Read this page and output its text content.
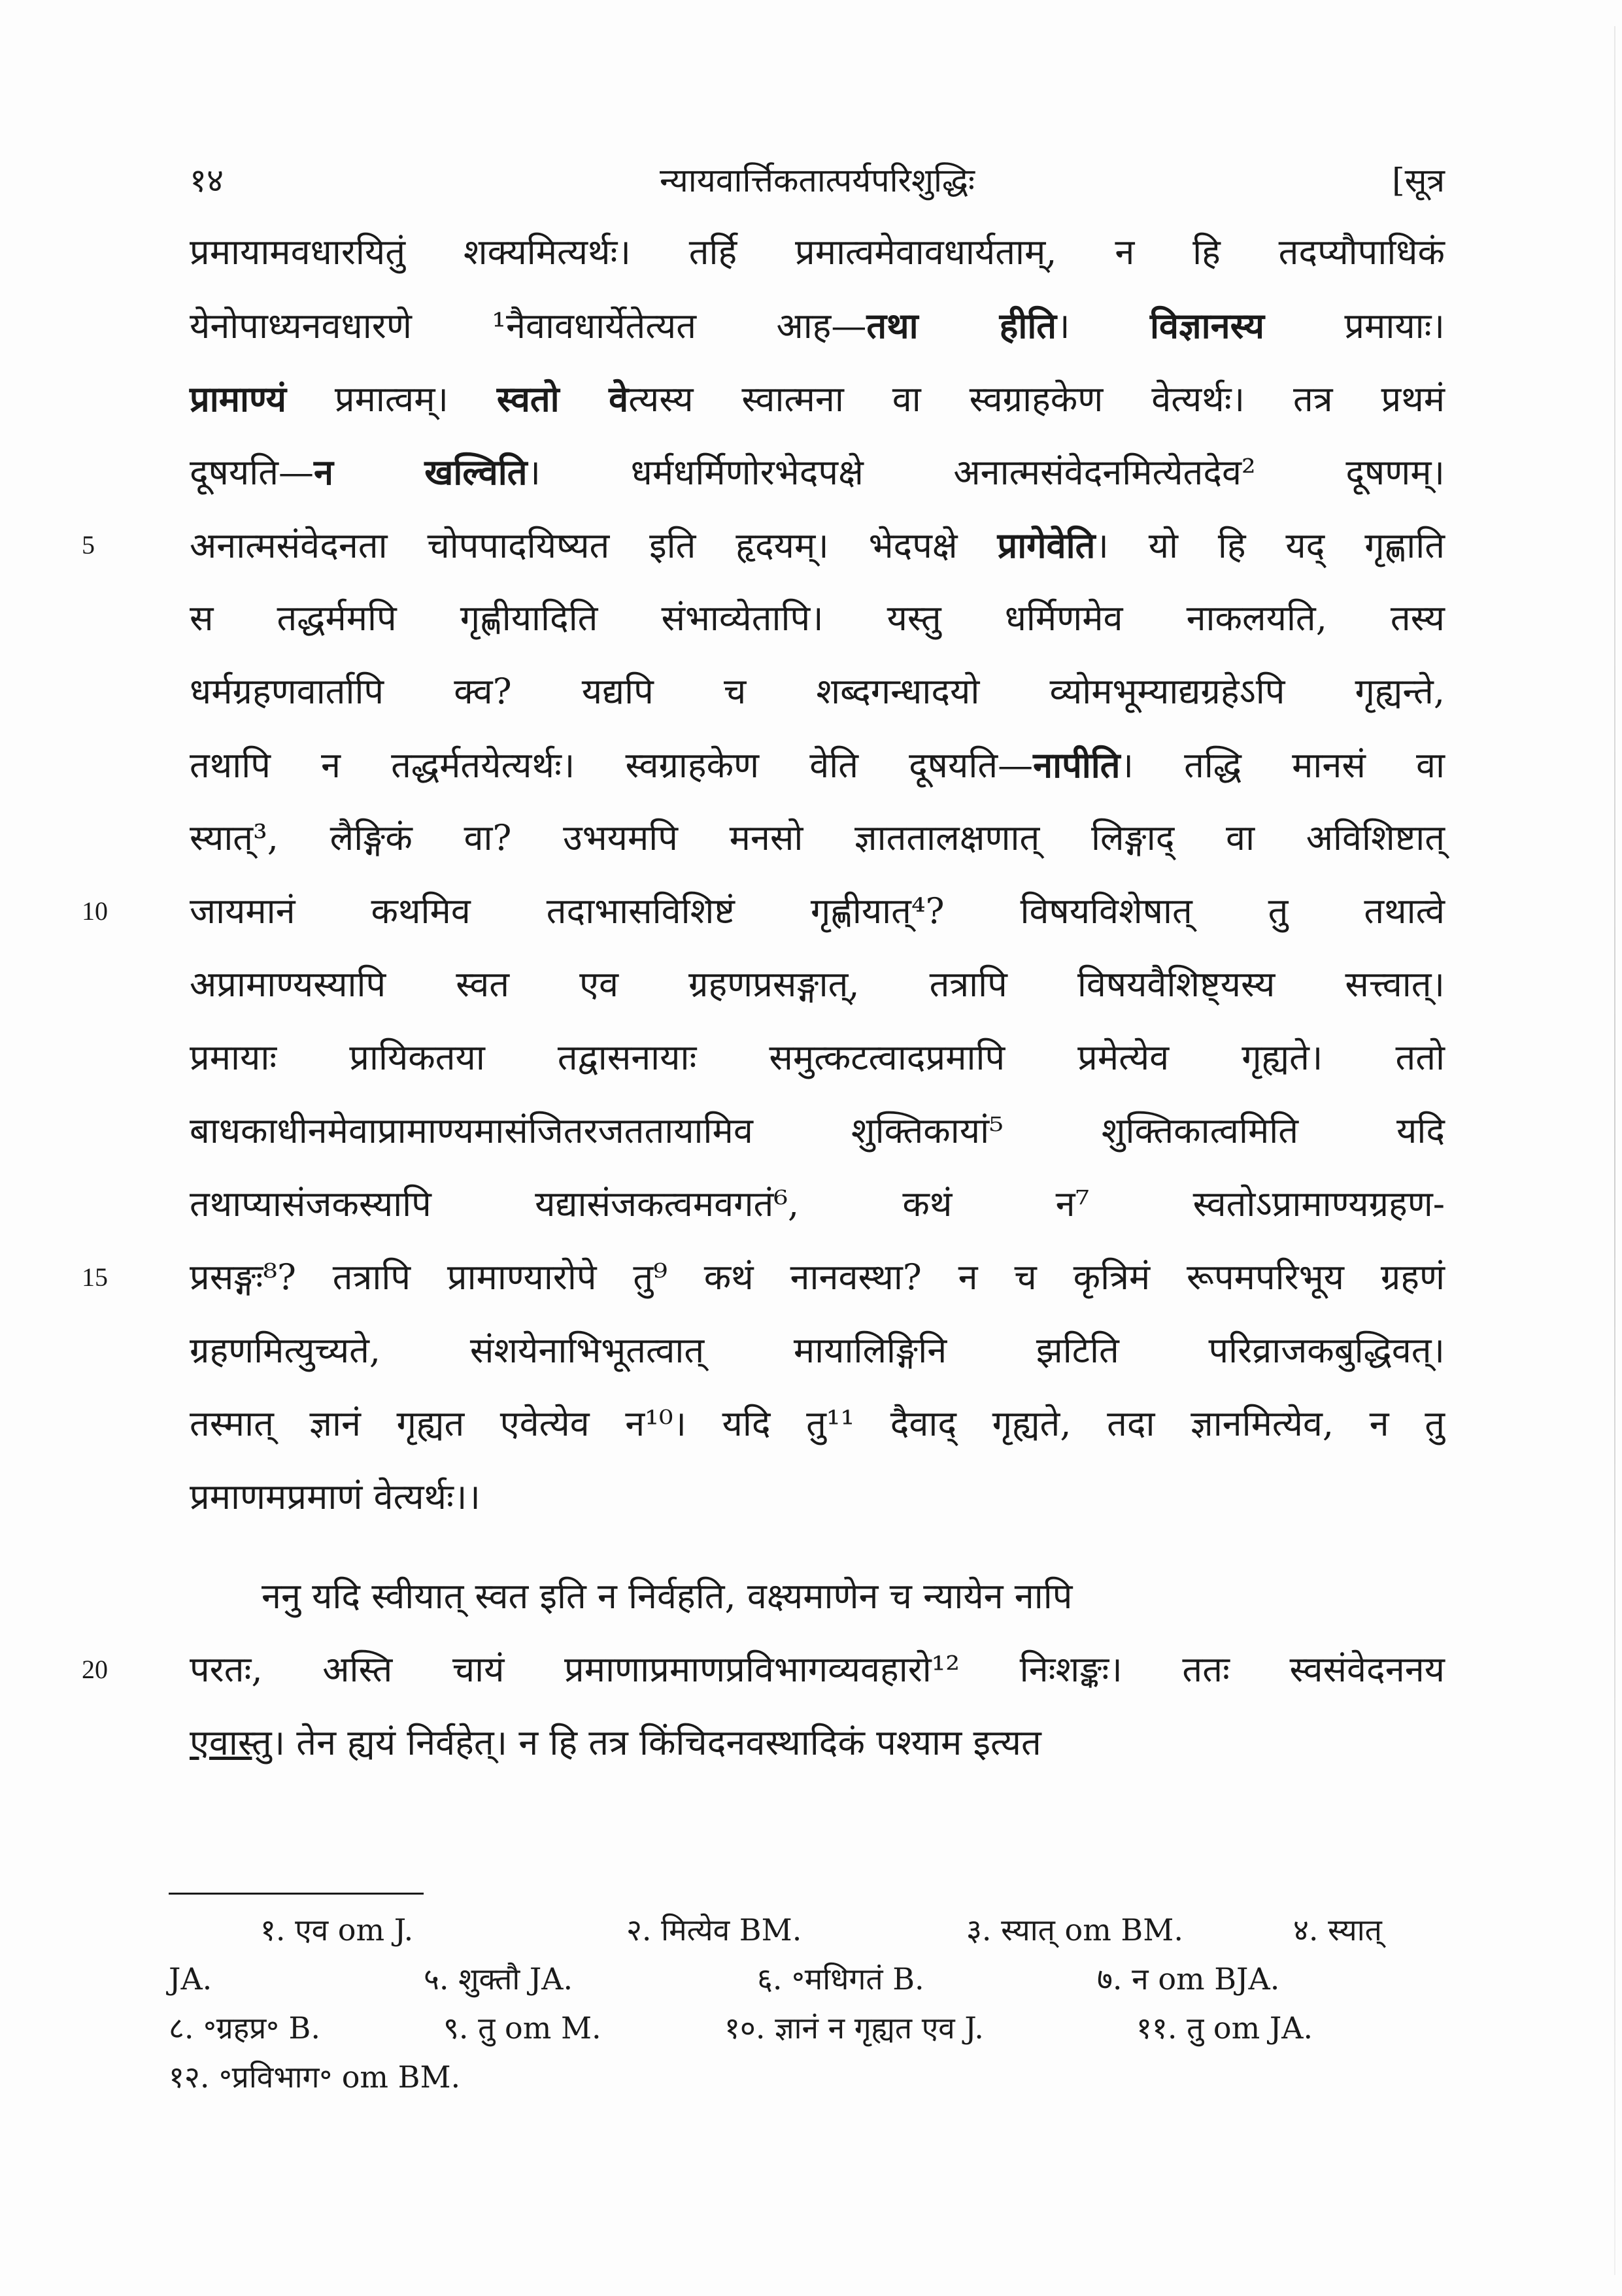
१४	न्यायवार्त्तिकतात्पर्यपरिशुद्धिः	[सूत्र
प्रमायामवधारयितुं शक्यमित्यर्थः। तर्हि प्रमात्वमेवावधार्यताम्, न हि तदप्यौपाधिकं
येनोपाध्यनवधारणे ¹नैवावधार्येतेत्यत आह—तथा हीति। विज्ञानस्य प्रमायाः।
प्रामाण्यं प्रमात्वम्। स्वतो वेत्यस्य स्वात्मना वा स्वग्राहकेण वेत्यर्थः। तत्र प्रथमं
दूषयति—न खल्विति। धर्मधर्मिणोरभेदपक्षे अनात्मसंवेदनमित्येतदेव² दूषणम्।
5	अनात्मसंवेदनता चोपपादयिष्यत इति हृदयम्। भेदपक्षे प्रागेवेति। यो हि यद् गृह्णाति
स तद्धर्ममपि गृह्णीयादिति संभाव्येतापि। यस्तु धर्मिणमेव नाकलयति, तस्य
धर्मग्रहणवार्तापि क्व? यद्यपि च शब्दगन्धादयो व्योमभूम्याद्यग्रहेऽपि गृह्यन्ते,
तथापि न तद्धर्मतयेत्यर्थः। स्वग्राहकेण वेति दूषयति—नापीति। तद्धि मानसं वा
स्यात्³, लैङ्गिकं वा? उभयमपि मनसो ज्ञाततालक्षणात् लिङ्गाद् वा अविशिष्टात्
10	जायमानं कथमिव तदाभासविशिष्टं गृह्णीयात्⁴? विषयविशेषात् तु तथात्वे
अप्रामाण्यस्यापि स्वत एव ग्रहणप्रसङ्गात्, तत्रापि विषयवैशिष्ट्यस्य सत्त्वात्।
प्रमायाः प्रायिकतया तद्वासनायाः समुत्कटत्वादप्रमापि प्रमेत्येव गृह्यते। ततो
बाधकाधीनमेवाप्रामाण्यमासंजितरजततायामिव शुक्तिकायां⁵ शुक्तिकात्वमिति यदि
तथाप्यासंजकस्यापि यद्यासंजकत्वमवगतं⁶, कथं न⁷ स्वतोऽप्रामाण्यग्रहण-
15	प्रसङ्गः⁸? तत्रापि प्रामाण्यारोपे तु⁹ कथं नानवस्था? न च कृत्रिमं रूपमपरिभूय ग्रहणं
ग्रहणमित्युच्यते, संशयेनाभिभूतत्वात् मायालिङ्गिनि झटिति परिव्राजकबुद्धिवत्।
तस्मात् ज्ञानं गृह्यत एवेत्येव न¹⁰। यदि तु¹¹ दैवाद् गृह्यते, तदा ज्ञानमित्येव, न तु
प्रमाणमप्रमाणं वेत्यर्थः।।
ननु यदि स्वीयात् स्वत इति न निर्वहति, वक्ष्यमाणेन च न्यायेन नापि
20	परतः, अस्ति चायं प्रमाणाप्रमाणप्रविभागव्यवहारो¹² निःशङ्कः। ततः स्वसंवेदननय
एवास्तु। तेन ह्ययं निर्वहेत्। न हि तत्र किंचिदनवस्थादिकं पश्याम इत्यत
१. एव om J.	२. मित्येव BM.	३. स्यात् om BM.	४. स्यात्
JA.	५. शुक्तौ JA.	६. ॰मधिगतं B.	७. न om BJA.
८. ॰ग्रहप्र॰ B.	९. तु om M.	१०. ज्ञानं न गृह्यत एव J.	११. तु om JA.
१२. ॰प्रविभाग॰ om BM.
